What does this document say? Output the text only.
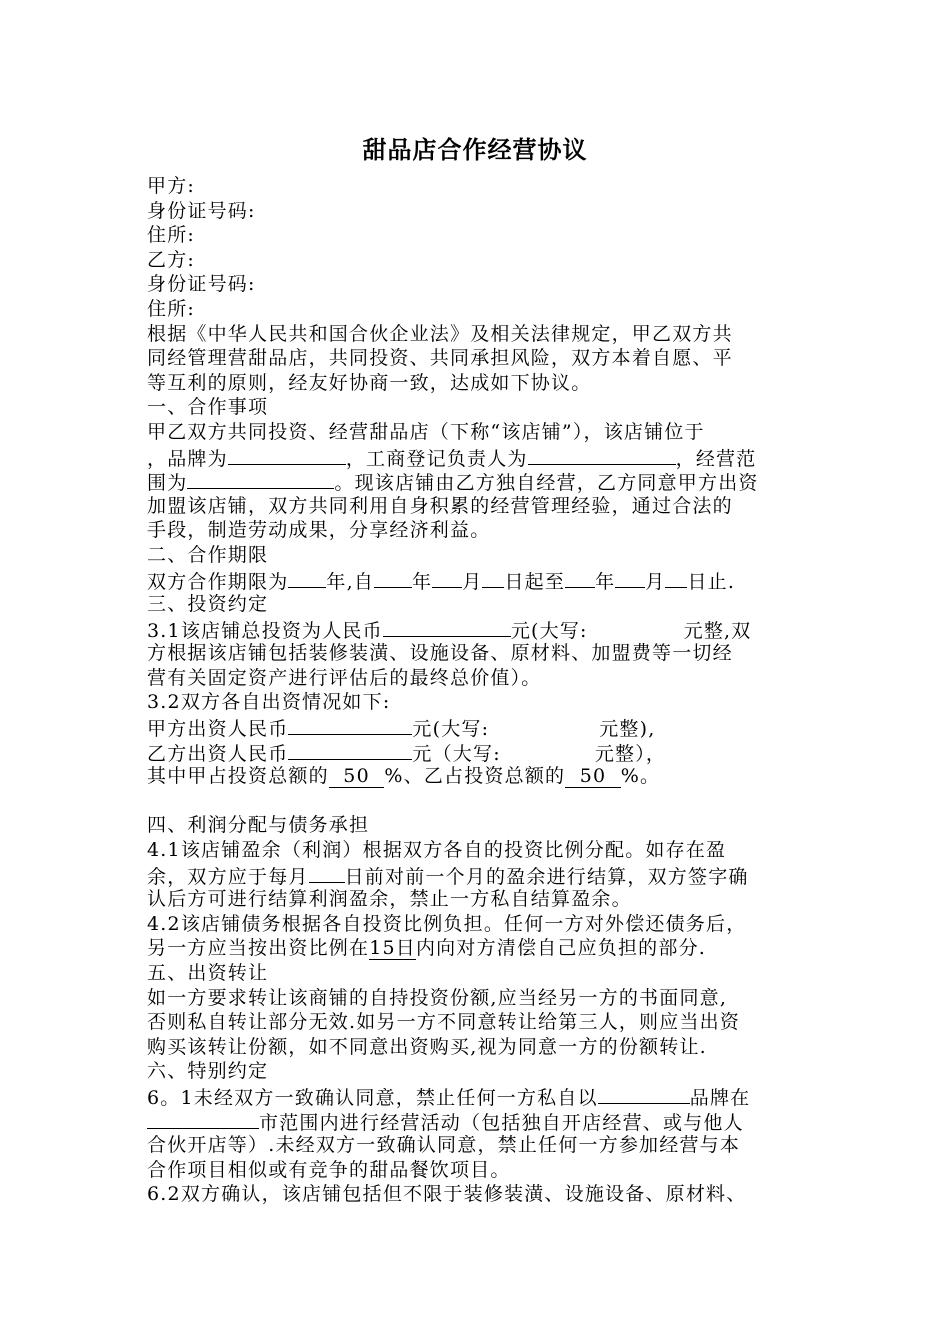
甜品店合作经营协议
甲方:
身份证号码:
住所:
乙方:
身份证号码:
住所:
根据《中华人民共和国合伙企业法》及相关法律规定，甲乙双方共
同经管理营甜品店，共同投资、共同承担风险，双方本着自愿、平
等互利的原则，经友好协商一致，达成如下协议。
一、合作事项
甲乙双方共同投资、经营甜品店（下称“该店铺”），该店铺位于
，品牌为	，工商登记负责人为	，经营范
围为	。现该店铺由乙方独自经营，乙方同意甲方出资
加盟该店铺，双方共同利用自身积累的经营管理经验，通过合法的
手段，制造劳动成果，分享经济利益。
二、合作期限
双方合作期限为 年,自 年 月 日起至 年 月 日止.
三、投资约定
3.1该店铺总投资为人民币	元(大写:	元整,双
方根据该店铺包括装修装潢、设施设备、原材料、加盟费等一切经
营有关固定资产进行评估后的最终总价值）。
3.2双方各自出资情况如下:
甲方出资人民币	元(大写:	元整),
乙方出资人民币	元（大写:	元整），
其中甲占投资总额的 50 %、乙占投资总额的 50 %。
四、利润分配与债务承担
4.1该店铺盈余（利润）根据双方各自的投资比例分配。如存在盈
余，双方应于每月 日前对前一个月的盈余进行结算，双方签字确
认后方可进行结算利润盈余，禁止一方私自结算盈余。
4.2该店铺债务根据各自投资比例负担。任何一方对外偿还债务后，
另一方应当按出资比例在15日内向对方清偿自己应负担的部分.
五、出资转让
如一方要求转让该商铺的自持投资份额,应当经另一方的书面同意,
否则私自转让部分无效.如另一方不同意转让给第三人，则应当出资
购买该转让份额，如不同意出资购买,视为同意一方的份额转让.
六、特别约定
6。1未经双方一致确认同意，禁止任何一方私自以	品牌在
市范围内进行经营活动（包括独自开店经营、或与他人
合伙开店等）.未经双方一致确认同意，禁止任何一方参加经营与本
合作项目相似或有竞争的甜品餐饮项目。
6.2双方确认，该店铺包括但不限于装修装潢、设施设备、原材料、
